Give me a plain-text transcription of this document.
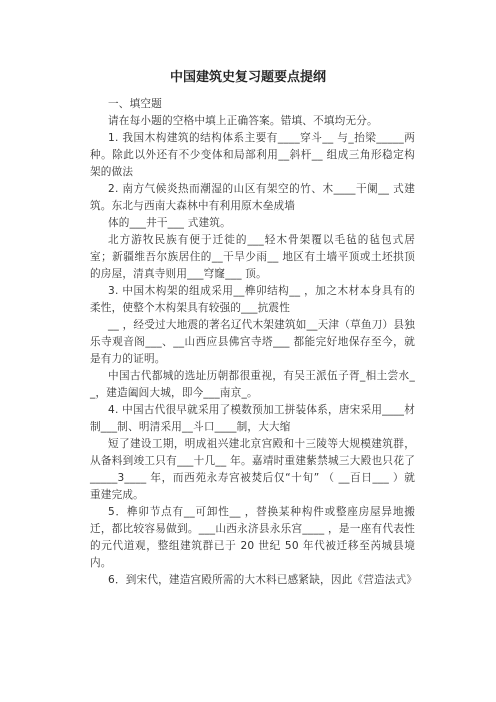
中国建筑史复习题要点提纲

一、填空题

请在每小题的空格中填上正确答案。错填、不填均无分。

1. 我国木构建筑的结构体系主要有____穿斗__ 与_抬梁_____两种。除此以外还有不少变体和局部利用__斜杆__ 组成三角形稳定构架的做法

2. 南方气候炎热而潮湿的山区有架空的竹、木____干阑__ 式建筑。东北与西南大森林中有利用原木垒成墙

体的___井干___ 式建筑。

北方游牧民族有便于迁徙的___轻木骨架覆以毛毡的毡包式居室；新疆维吾尔族居住的__干旱少雨__ 地区有土墙平顶或土坯拱顶的房屋，清真寺则用___穹窿___ 顶。

3. 中国木构架的组成采用__榫卯结构__ ，加之木材本身具有的柔性，使整个木构架具有较强的___抗震性

__ ，经受过大地震的著名辽代木架建筑如__天津（草鱼刀）县独乐寺观音阁___、__山西应县佛宫寺塔___ 都能完好地保存至今，就是有力的证明。

中国古代都城的选址历朝都很重视，有吴王派伍子胥_相土尝水__，建造阖闾大城，即今___南京_。

4. 中国古代很早就采用了模数预加工拼装体系，唐宋采用____材制___制、明清采用__斗口____制，大大缩

短了建设工期，明成祖兴建北京宫殿和十三陵等大规模建筑群，从备料到竣工只有___十几__ 年。嘉靖时重建紫禁城三大殿也只花了_____3____ 年，而西苑永寿宫被焚后仅“十旬” （ __百日___ ）就重建完成。

5．榫卯节点有__可卸性__ ，替换某种构件或整座房屋异地搬迁，都比较容易做到。___山西永济县永乐宫____ ，是一座有代表性的元代道观，整组建筑群已于 20 世纪 50 年代被迁移至芮城县境内。

6．到宋代，建造宫殿所需的大木料已感紧缺，因此《营造法式》
